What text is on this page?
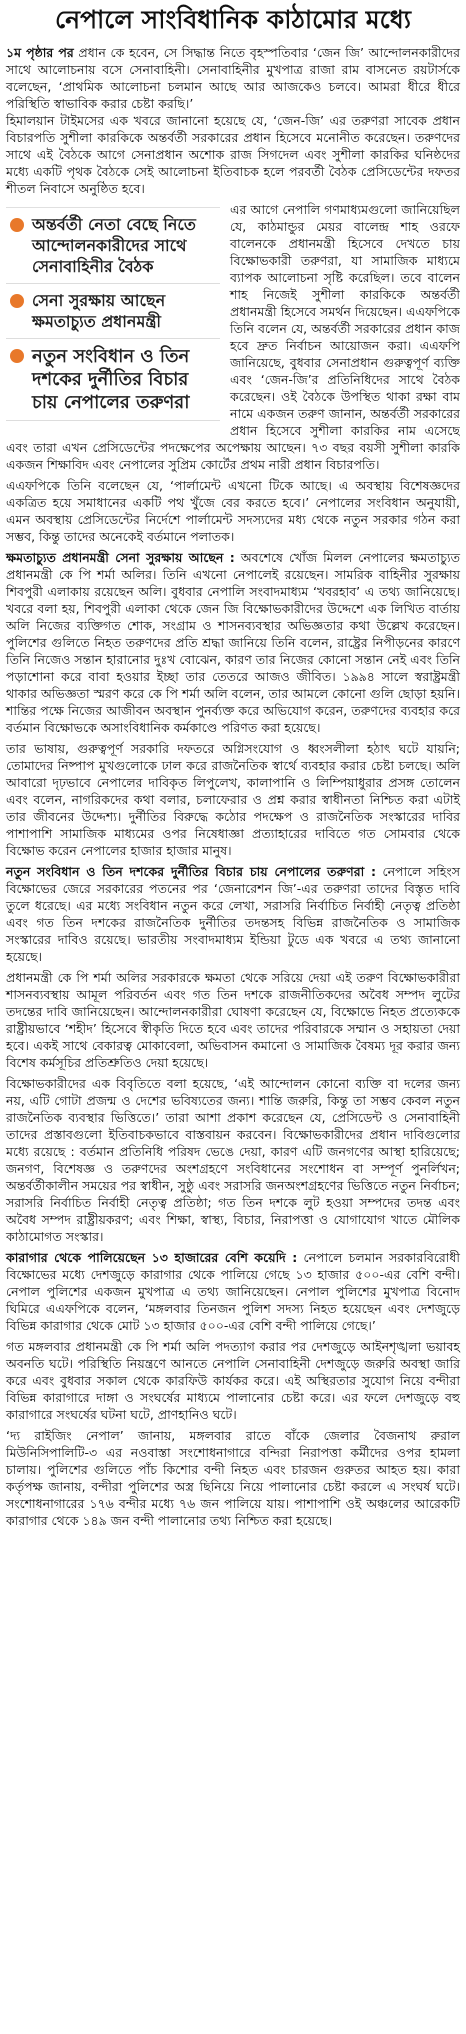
নেপালে সাংবিধানিক কাঠামোর মধ্যে
১ম পৃষ্ঠার পর প্রধান কে হবেন, সে সিদ্ধান্ত নিতে বৃহস্পতিবার ‘জেন জি’ আন্দোলনকারীদের সাথে আলোচনায় বসে সেনাবাহিনী। সেনাবাহিনীর মুখপাত্র রাজা রাম বাসনেত রয়টার্সকে বলেছেন, ‘প্রাথমিক আলোচনা চলমান আছে আর আজকেও চলবে। আমরা ধীরে ধীরে পরিস্থিতি স্বাভাবিক করার চেষ্টা করছি।’

হিমালয়ান টাইমসের এক খবরে জানানো হয়েছে যে, ‘জেন-জি’ এর তরুণরা সাবেক প্রধান বিচারপতি সুশীলা কারকিকে অন্তর্বর্তী সরকারের প্রধান হিসেবে মনোনীত করেছেন। তরুণদের সাথে এই বৈঠকে আগে সেনাপ্রধান অশোক রাজ সিগদেল এবং সুশীলা কারকির ঘনিষ্ঠদের মধ্যে একটি পৃথক বৈঠকে সেই আলোচনা ইতিবাচক হলে পরবর্তী বৈঠক প্রেসিডেন্টের দফতর শীতল নিবাসে অনুষ্ঠিত হবে।

অন্তর্বর্তী নেতা বেছে নিতে আন্দোলনকারীদের সাথে সেনাবাহিনীর বৈঠক
সেনা সুরক্ষায় আছেন ক্ষমতাচ্যুত প্রধানমন্ত্রী
নতুন সংবিধান ও তিন দশকের দুর্নীতির বিচার চায় নেপালের তরুণরা

এর আগে নেপালি গণমাধ্যমগুলো জানিয়েছিল যে, কাঠমান্ডুর মেয়র বালেন্দ্র শাহ ওরফে বালেনকে প্রধানমন্ত্রী হিসেবে দেখতে চায় বিক্ষোভকারী তরুণরা, যা সামাজিক মাধ্যমে ব্যাপক আলোচনা সৃষ্টি করেছিল। তবে বালেন শাহ নিজেই সুশীলা কারকিকে অন্তর্বর্তী প্রধানমন্ত্রী হিসেবে সমর্থন দিয়েছেন। এএফপিকে তিনি বলেন যে, অন্তর্বর্তী সরকারের প্রধান কাজ হবে দ্রুত নির্বাচন আয়োজন করা। এএফপি জানিয়েছে, বুধবার সেনাপ্রধান গুরুত্বপূর্ণ ব্যক্তি এবং ‘জেন-জি’র প্রতিনিধিদের সাথে বৈঠক করেছেন। ওই বৈঠকে উপস্থিত থাকা রক্ষা বাম নামে একজন তরুণ জানান, অন্তর্বর্তী সরকারের প্রধান হিসেবে সুশীলা কারকির নাম এসেছে এবং তারা এখন প্রেসিডেন্টের পদক্ষেপের অপেক্ষায় আছেন। ৭৩ বছর বয়সী সুশীলা কারকি একজন শিক্ষাবিদ এবং নেপালের সুপ্রিম কোর্টের প্রথম নারী প্রধান বিচারপতি।

এএফপিকে তিনি বলেছেন যে, ‘পার্লামেন্ট এখনো টিকে আছে। এ অবস্থায় বিশেষজ্ঞদের একত্রিত হয়ে সমাধানের একটি পথ খুঁজে বের করতে হবে।’ নেপালের সংবিধান অনুযায়ী, এমন অবস্থায় প্রেসিডেন্টের নির্দেশে পার্লামেন্ট সদস্যদের মধ্য থেকে নতুন সরকার গঠন করা সম্ভব, কিন্তু তাদের অনেকেই বর্তমানে পলাতক।

ক্ষমতাচ্যুত প্রধানমন্ত্রী সেনা সুরক্ষায় আছেন : অবশেষে খোঁজ মিলল নেপালের ক্ষমতাচ্যুত প্রধানমন্ত্রী কে পি শর্মা অলির। তিনি এখনো নেপালেই রয়েছেন। সামরিক বাহিনীর সুরক্ষায় শিবপুরী এলাকায় রয়েছেন অলি। বুধবার নেপালি সংবাদমাধ্যম ‘খবরহাব’ এ তথ্য জানিয়েছে। খবরে বলা হয়, শিবপুরী এলাকা থেকে জেন জি বিক্ষোভকারীদের উদ্দেশে এক লিখিত বার্তায় অলি নিজের ব্যক্তিগত শোক, সংগ্রাম ও শাসনব্যবস্থার অভিজ্ঞতার কথা উল্লেখ করেছেন। পুলিশের গুলিতে নিহত তরুণদের প্রতি শ্রদ্ধা জানিয়ে তিনি বলেন, রাষ্ট্রের নিপীড়নের কারণে তিনি নিজেও সন্তান হারানোর দুঃখ বোঝেন, কারণ তার নিজের কোনো সন্তান নেই এবং তিনি পড়াশোনা করে বাবা হওয়ার ইচ্ছা তার তেতরে আজও জীবিত। ১৯৯৪ সালে স্বরাষ্ট্রমন্ত্রী থাকার অভিজ্ঞতা স্মরণ করে কে পি শর্মা অলি বলেন, তার আমলে কোনো গুলি ছোড়া হয়নি। শান্তির পক্ষে নিজের আজীবন অবস্থান পুনর্ব্যক্ত করে অভিযোগ করেন, তরুণদের ব্যবহার করে বর্তমান বিক্ষোভকে অসাংবিধানিক কর্মকাণ্ডে পরিণত করা হয়েছে।

তার ভাষায়, গুরুত্বপূর্ণ সরকারি দফতরে অগ্নিসংযোগ ও ধ্বংসলীলা হঠাৎ ঘটে যায়নি; তোমাদের নিষ্পাপ মুখগুলোকে ঢাল করে রাজনৈতিক স্বার্থে ব্যবহার করার চেষ্টা চলছে। অলি আবারো দৃঢ়ভাবে নেপালের দাবিকৃত লিপুলেখ, কালাপানি ও লিম্পিয়াধুরার প্রসঙ্গ তোলেন এবং বলেন, নাগরিকদের কথা বলার, চলাফেরার ও প্রশ্ন করার স্বাধীনতা নিশ্চিত করা এটাই তার জীবনের উদ্দেশ্য। দুর্নীতির বিরুদ্ধে কঠোর পদক্ষেপ ও রাজনৈতিক সংস্কারের দাবির পাশাপাশি সামাজিক মাধ্যমের ওপর নিষেধাজ্ঞা প্রত্যাহারের দাবিতে গত সোমবার থেকে বিক্ষোভ করেন নেপালের হাজার হাজার মানুষ।

নতুন সংবিধান ও তিন দশকের দুর্নীতির বিচার চায় নেপালের তরুণরা : নেপালে সহিংস বিক্ষোভের জেরে সরকারের পতনের পর ‘জেনারেশন জি’-এর তরুণরা তাদের বিস্তৃত দাবি তুলে ধরেছে। এর মধ্যে সংবিধান নতুন করে লেখা, সরাসরি নির্বাচিত নির্বাহী নেতৃত্ব প্রতিষ্ঠা এবং গত তিন দশকের রাজনৈতিক দুর্নীতির তদন্তসহ বিভিন্ন রাজনৈতিক ও সামাজিক সংস্কারের দাবিও রয়েছে। ভারতীয় সংবাদমাধ্যম ইন্ডিয়া টুডে এক খবরে এ তথ্য জানানো হয়েছে।

প্রধানমন্ত্রী কে পি শর্মা অলির সরকারকে ক্ষমতা থেকে সরিয়ে দেয়া এই তরুণ বিক্ষোভকারীরা শাসনব্যবস্থায় আমূল পরিবর্তন এবং গত তিন দশকে রাজনীতিকদের অবৈধ সম্পদ লুটের তদন্তের দাবি জানিয়েছেন। আন্দোলনকারীরা ঘোষণা করেছেন যে, বিক্ষোভে নিহত প্রত্যেককে রাষ্ট্রীয়ভাবে ‘শহীদ’ হিসেবে স্বীকৃতি দিতে হবে এবং তাদের পরিবারকে সম্মান ও সহায়তা দেয়া হবে। একই সাথে বেকারত্ব মোকাবেলা, অভিবাসন কমানো ও সামাজিক বৈষম্য দূর করার জন্য বিশেষ কর্মসূচির প্রতিশ্রুতিও দেয়া হয়েছে।

বিক্ষোভকারীদের এক বিবৃতিতে বলা হয়েছে, ‘এই আন্দোলন কোনো ব্যক্তি বা দলের জন্য নয়, এটি গোটা প্রজন্ম ও দেশের ভবিষ্যতের জন্য। শান্তি জরুরি, কিন্তু তা সম্ভব কেবল নতুন রাজনৈতিক ব্যবস্থার ভিত্তিতে।’ তারা আশা প্রকাশ করেছেন যে, প্রেসিডেন্ট ও সেনাবাহিনী তাদের প্রস্তাবগুলো ইতিবাচকভাবে বাস্তবায়ন করবেন। বিক্ষোভকারীদের প্রধান দাবিগুলোর মধ্যে রয়েছে : বর্তমান প্রতিনিধি পরিষদ ভেঙে দেয়া, কারণ এটি জনগণের আস্থা হারিয়েছে; জনগণ, বিশেষজ্ঞ ও তরুণদের অংশগ্রহণে সংবিধানের সংশোধন বা সম্পূর্ণ পুনর্লিখন; অন্তর্বর্তীকালীন সময়ের পর স্বাধীন, সুষ্ঠু এবং সরাসরি জনঅংশগ্রহণের ভিত্তিতে নতুন নির্বাচন; সরাসরি নির্বাচিত নির্বাহী নেতৃত্ব প্রতিষ্ঠা; গত তিন দশকে লুট হওয়া সম্পদের তদন্ত এবং অবৈধ সম্পদ রাষ্ট্রীয়করণ; এবং শিক্ষা, স্বাস্থ্য, বিচার, নিরাপত্তা ও যোগাযোগ খাতে মৌলিক কাঠামোগত সংস্কার।

কারাগার থেকে পালিয়েছেন ১৩ হাজারের বেশি কয়েদি : নেপালে চলমান সরকারবিরোধী বিক্ষোভের মধ্যে দেশজুড়ে কারাগার থেকে পালিয়ে গেছে ১৩ হাজার ৫০০-এর বেশি বন্দী। নেপাল পুলিশের একজন মুখপাত্র এ তথ্য জানিয়েছেন। নেপাল পুলিশের মুখপাত্র বিনোদ ঘিমিরে এএফপিকে বলেন, ‘মঙ্গলবার তিনজন পুলিশ সদস্য নিহত হয়েছেন এবং দেশজুড়ে বিভিন্ন কারাগার থেকে মোট ১৩ হাজার ৫০০-এর বেশি বন্দী পালিয়ে গেছে।’

গত মঙ্গলবার প্রধানমন্ত্রী কে পি শর্মা অলি পদত্যাগ করার পর দেশজুড়ে আইনশৃঙ্খলা ভয়াবহ অবনতি ঘটে। পরিস্থিতি নিয়ন্ত্রণে আনতে নেপালি সেনাবাহিনী দেশজুড়ে জরুরি অবস্থা জারি করে এবং বুধবার সকাল থেকে কারফিউ কার্যকর করে। এই অস্থিরতার সুযোগ নিয়ে বন্দীরা বিভিন্ন কারাগারে দাঙ্গা ও সংঘর্ষের মাধ্যমে পালানোর চেষ্টা করে। এর ফলে দেশজুড়ে বহু কারাগারে সংঘর্ষের ঘটনা ঘটে, প্রাণহানিও ঘটে।

‘দ্য রাইজিং নেপাল’ জানায়, মঙ্গলবার রাতে বাঁকে জেলার বৈজনাথ রুরাল মিউনিসিপালিটি-৩ এর নওবাস্তা সংশোধনাগারে বন্দিরা নিরাপত্তা কর্মীদের ওপর হামলা চালায়। পুলিশের গুলিতে পাঁচ কিশোর বন্দী নিহত এবং চারজন গুরুতর আহত হয়। কারা কর্তৃপক্ষ জানায়, বন্দীরা পুলিশের অস্ত্র ছিনিয়ে নিয়ে পালানোর চেষ্টা করলে এ সংঘর্ষ ঘটে। সংশোধনাগারের ১৭৬ বন্দীর মধ্যে ৭৬ জন পালিয়ে যায়। পাশাপাশি ওই অঞ্চলের আরেকটি কারাগার থেকে ১৪৯ জন বন্দী পালানোর তথ্য নিশ্চিত করা হয়েছে।
